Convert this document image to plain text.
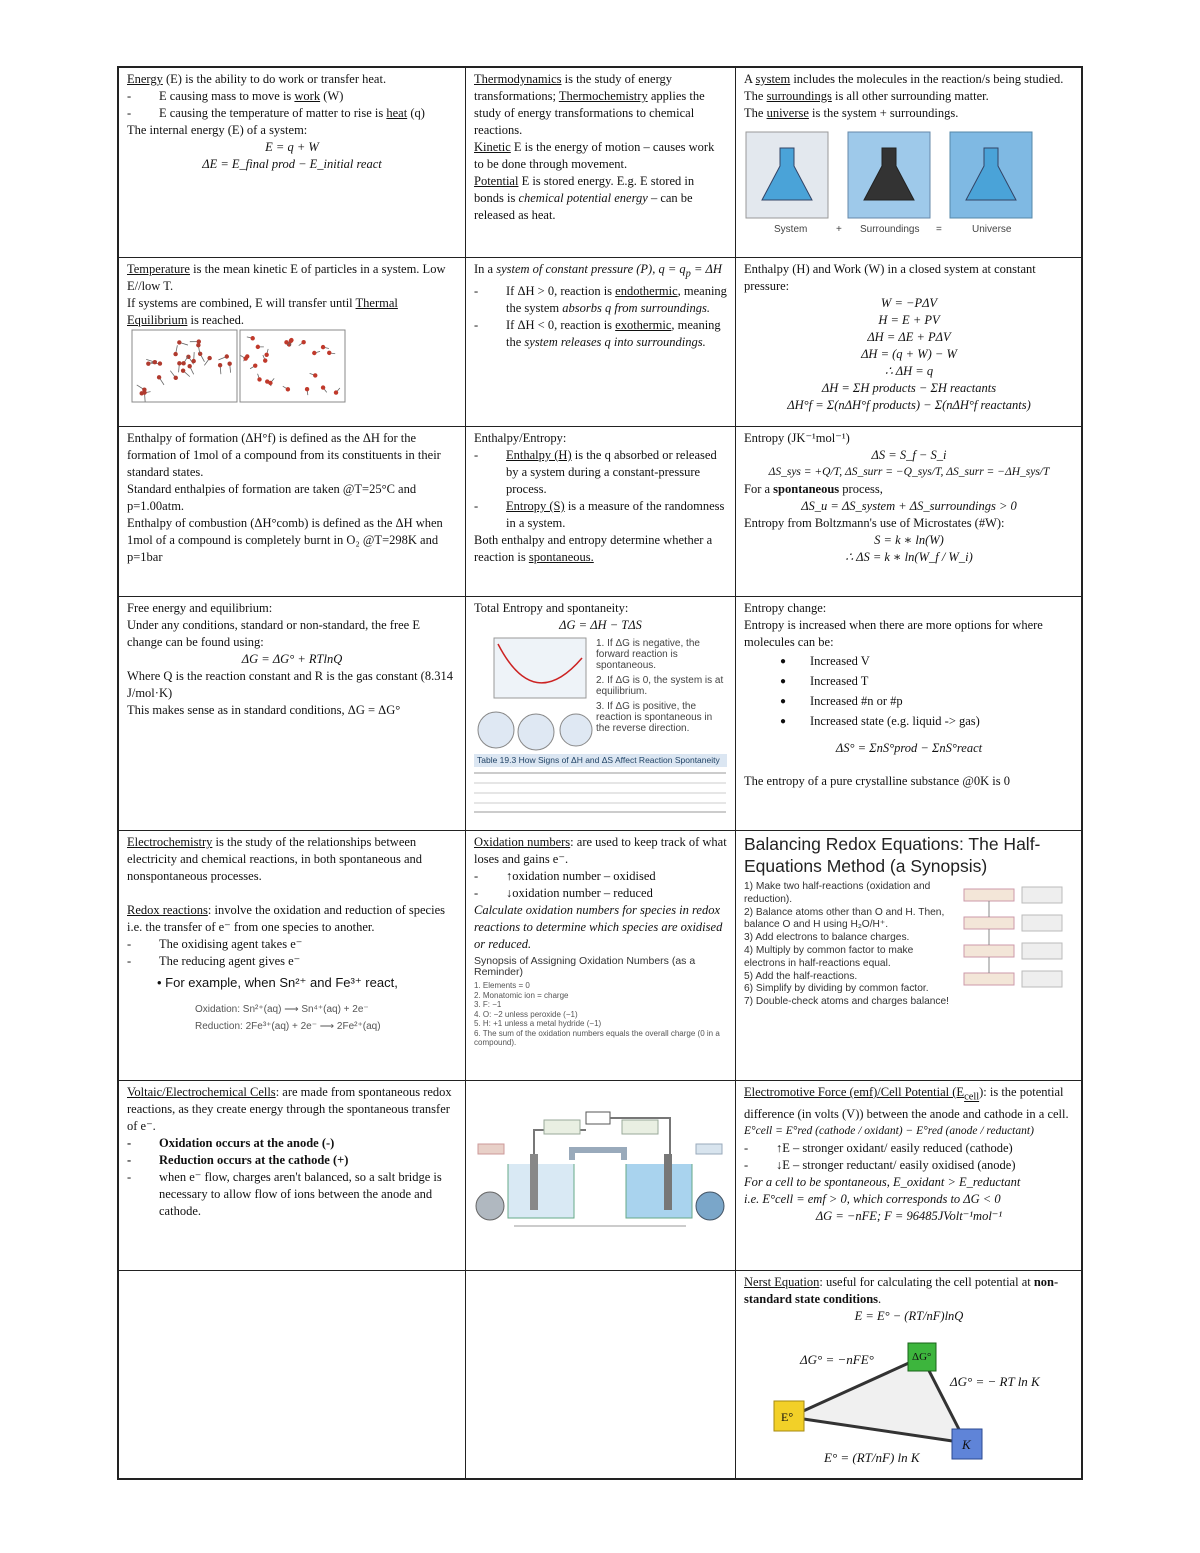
Energy (E) is the ability to do work or transfer heat.
- E causing mass to move is work (W)
- E causing the temperature of matter to rise is heat (q)
The internal energy (E) of a system:
E = q + W
ΔE = E_final prod − E_initial react
Thermodynamics is the study of energy transformations; Thermochemistry applies the study of energy transformations to chemical reactions.
Kinetic E is the energy of motion – causes work to be done through movement.
Potential E is stored energy. E.g. E stored in bonds is chemical potential energy – can be released as heat.
A system includes the molecules in the reaction/s being studied.
The surroundings is all other surrounding matter.
The universe is the system + surroundings.
System	+ Surroundings =	Universe
Temperature is the mean kinetic E of particles in a system. Low E//low T.
If systems are combined, E will transfer until Thermal Equilibrium is reached.
In a system of constant pressure (P), $q = q_p = \Delta H$
- If ΔH > 0, reaction is endothermic, meaning the system absorbs q from surroundings.
- If ΔH < 0, reaction is exothermic, meaning the system releases q into surroundings.
Enthalpy (H) and Work (W) in a closed system at constant pressure:
W = −PΔV
H = E + PV
ΔH = ΔE + PΔV
ΔH = (q + W) − W
∴ ΔH = q
ΔH = ΣH products − ΣH reactants
ΔH°f = Σ(nΔH°f products) − Σ(nΔH°f reactants)
Enthalpy of formation (ΔH°f) is defined as the ΔH for the formation of 1mol of a compound from its constituents in their standard states.
Standard enthalpies of formation are taken @T=25°C and p=1.00atm.
Enthalpy of combustion (ΔH°comb) is defined as the ΔH when 1mol of a compound is completely burnt in O₂ @T=298K and p=1bar
Enthalpy/Entropy:
- Enthalpy (H) is the q absorbed or released by a system during a constant-pressure process.
- Entropy (S) is a measure of the randomness in a system.
Both enthalpy and entropy determine whether a reaction is spontaneous.
Entropy (JK⁻¹mol⁻¹)
ΔS = S_f − S_i
ΔS_sys = +Q/T, ΔS_surr = −Q_sys/T, ΔS_surr = −ΔH_sys/T
For a spontaneous process,
ΔS_u = ΔS_system + ΔS_surroundings > 0
Entropy from Boltzmann's use of Microstates (#W):
S = k ∗ ln(W)
∴ ΔS = k ∗ ln(W_f / W_i)
Free energy and equilibrium:
Under any conditions, standard or non-standard, the free E change can be found using:
ΔG = ΔG° + RTlnQ
Where Q is the reaction constant and R is the gas constant (8.314 J/mol·K)
This makes sense as in standard conditions, ΔG = ΔG°
Total Entropy and spontaneity:
ΔG = ΔH − TΔS
1. If ΔG is negative, the forward reaction is spontaneous.
2. If ΔG is 0, the system is at equilibrium.
3. If ΔG is positive, the reaction is spontaneous in the reverse direction.
Table 19.3 How Signs of ΔH and ΔS Affect Reaction Spontaneity
Entropy change:
Entropy is increased when there are more options for where molecules can be:
● Increased V
● Increased T
● Increased #n or #p
● Increased state (e.g. liquid -> gas)
ΔS° = ΣnS°prod − ΣnS°react
The entropy of a pure crystalline substance @0K is 0
Electrochemistry is the study of the relationships between electricity and chemical reactions, in both spontaneous and nonspontaneous processes.
Redox reactions: involve the oxidation and reduction of species i.e. the transfer of e⁻ from one species to another.
- The oxidising agent takes e⁻
- The reducing agent gives e⁻
• For example, when Sn²⁺ and Fe³⁺ react,
Oxidation: Sn²⁺(aq) ⟶ Sn⁴⁺(aq) + 2e⁻
Reduction: 2Fe³⁺(aq) + 2e⁻ ⟶ 2Fe²⁺(aq)
Oxidation numbers: are used to keep track of what loses and gains e⁻.
- ↑oxidation number – oxidised
- ↓oxidation number – reduced
Calculate oxidation numbers for species in redox reactions to determine which species are oxidised or reduced.
Synopsis of Assigning Oxidation Numbers (as a Reminder)
1. Elements = 0
2. Monatomic ion = charge
3. F: −1
4. O: −2 unless peroxide (−1)
5. H: +1 unless a metal hydride (−1)
6. The sum of the oxidation numbers equals the overall charge (0 in a compound).
Balancing Redox Equations: The Half-Equations Method (a Synopsis)
1) Make two half-reactions (oxidation and reduction).
2) Balance atoms other than O and H. Then, balance O and H using H₂O/H⁺.
3) Add electrons to balance charges.
4) Multiply by common factor to make electrons in half-reactions equal.
5) Add the half-reactions.
6) Simplify by dividing by common factor.
7) Double-check atoms and charges balance!
Voltaic/Electrochemical Cells: are made from spontaneous redox reactions, as they create energy through the spontaneous transfer of e⁻.
- Oxidation occurs at the anode (-)
- Reduction occurs at the cathode (+)
- when e⁻ flow, charges aren't balanced, so a salt bridge is necessary to allow flow of ions between the anode and cathode.
Electromotive Force (emf)/Cell Potential $(E_{cell})$: is the potential difference (in volts (V)) between the anode and cathode in a cell.
E°cell = E°red (cathode / oxidant) − E°red (anode / reductant)
- ↑E – stronger oxidant/ easily reduced (cathode)
- ↓E – stronger reductant/ easily oxidised (anode)
For a cell to be spontaneous, E_oxidant > E_reductant
i.e. E°cell = emf > 0, which corresponds to ΔG < 0
ΔG = −nFE; F = 96485JVolt⁻¹mol⁻¹
Nerst Equation: useful for calculating the cell potential at non-standard state conditions.
E = E° − (RT/nF)lnQ
ΔG°
E°
K
ΔG° = −nFE°
ΔG° = − RT ln K
E° = (RT/nF) ln K
